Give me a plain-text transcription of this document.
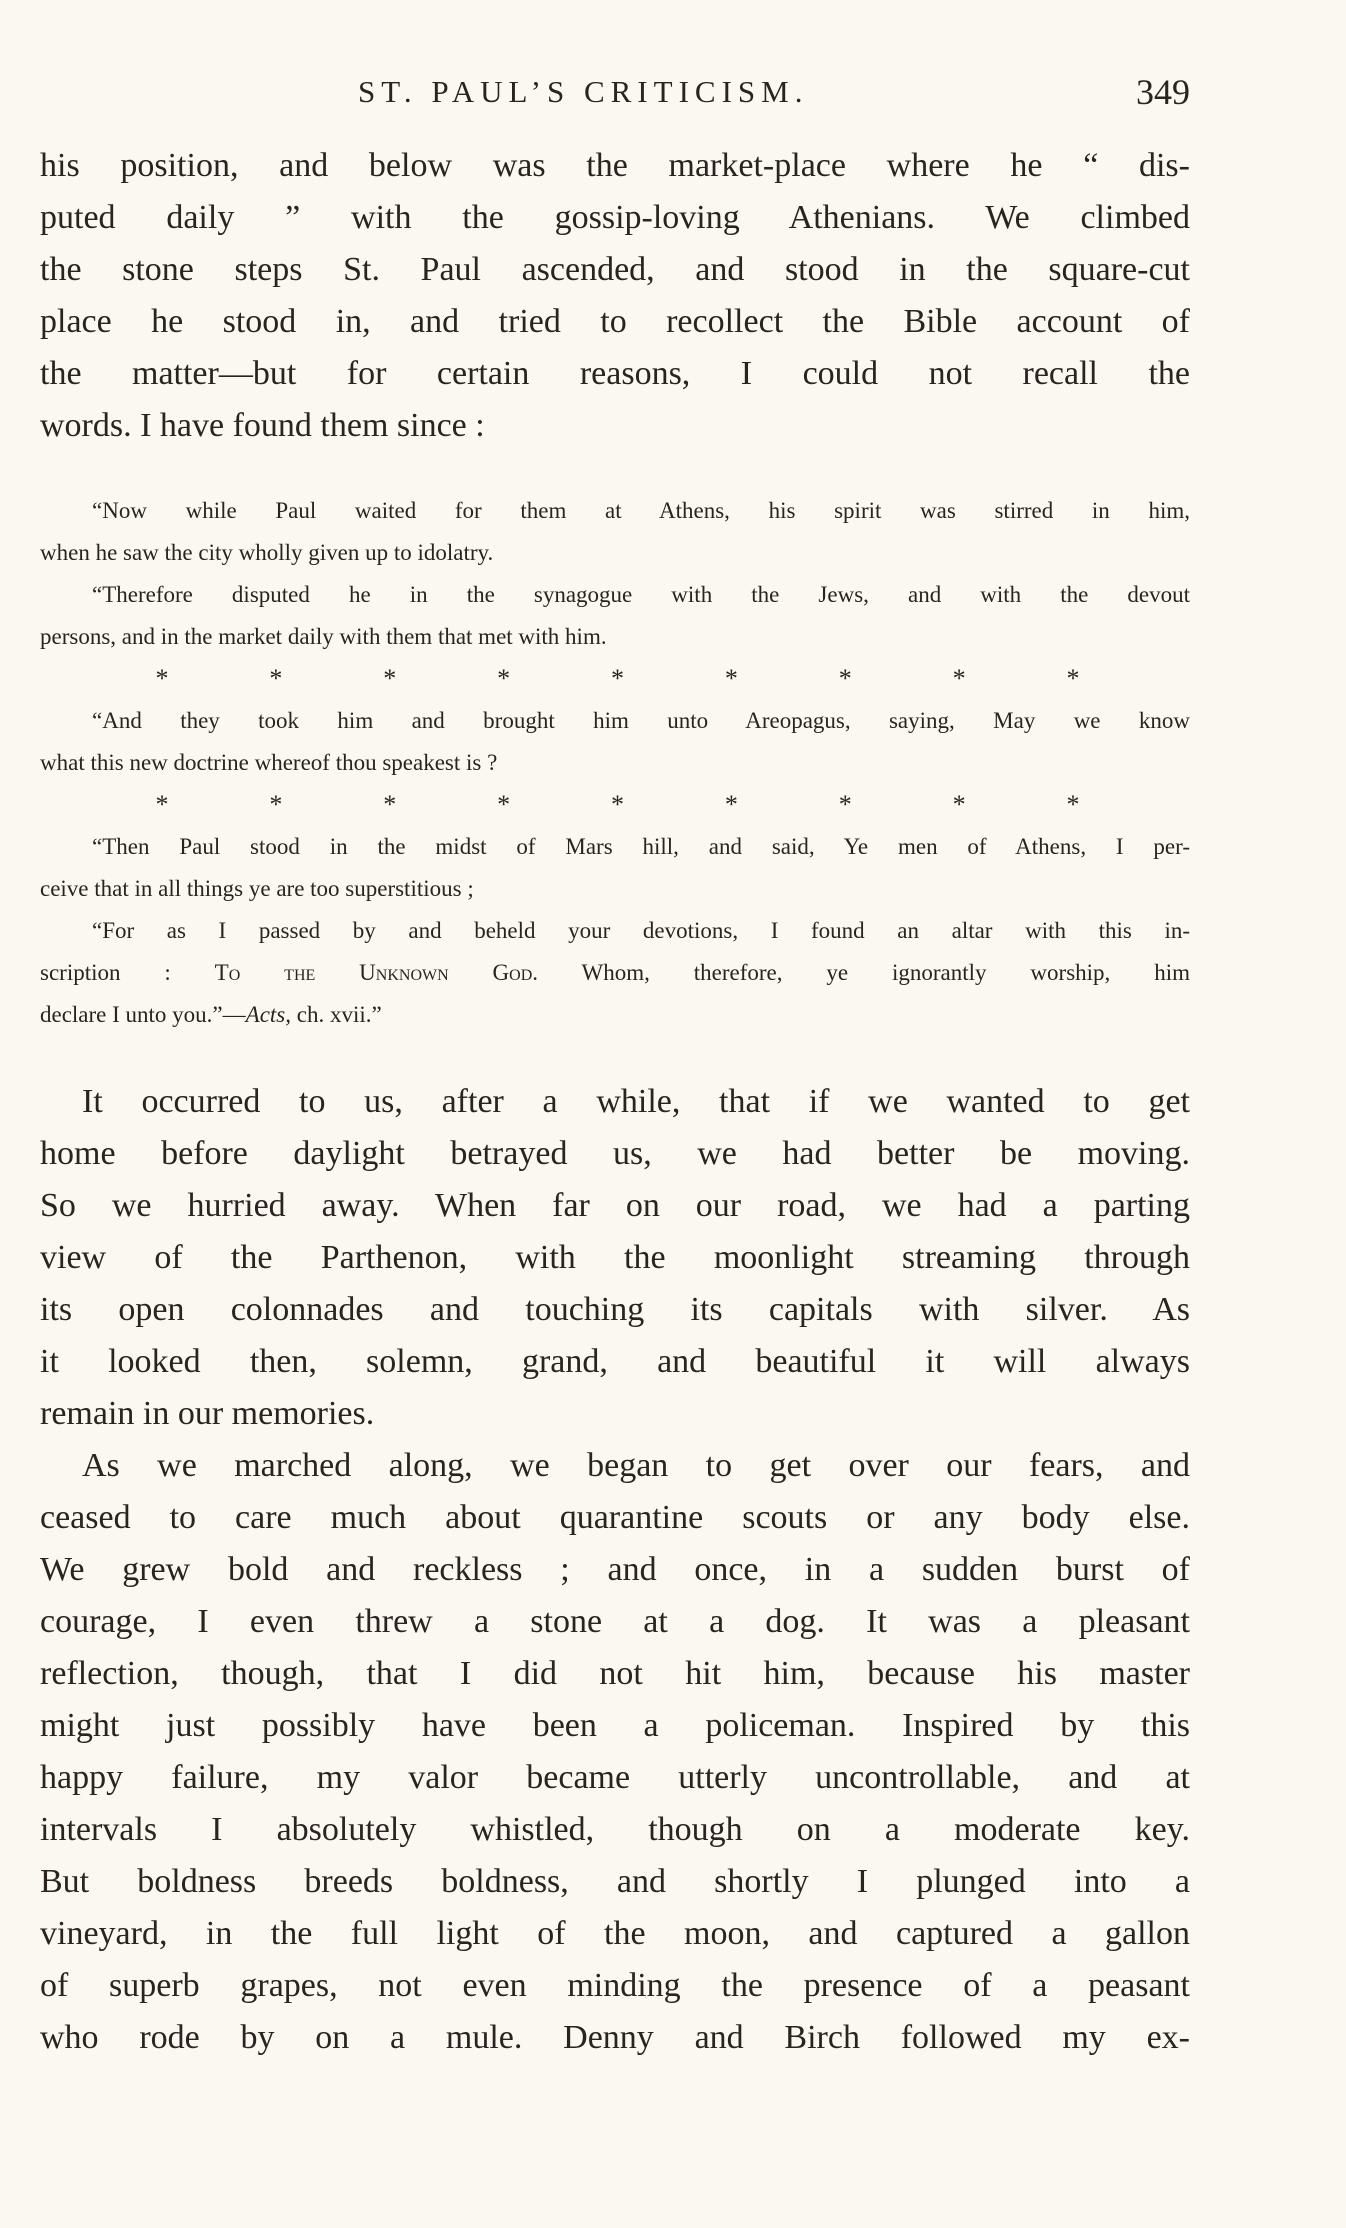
ST. PAUL’S CRITICISM.	349
his position, and below was the market-place where he “ dis-
puted daily ” with the gossip-loving Athenians. We climbed
the stone steps St. Paul ascended, and stood in the square-cut
place he stood in, and tried to recollect the Bible account of
the matter—but for certain reasons, I could not recall the
words. I have found them since :
“Now while Paul waited for them at Athens, his spirit was stirred in him,
when he saw the city wholly given up to idolatry.
“Therefore disputed he in the synagogue with the Jews, and with the devout
persons, and in the market daily with them that met with him.
*	*	*	*	*	*	*	*	*
“And they took him and brought him unto Areopagus, saying, May we know
what this new doctrine whereof thou speakest is ?
*	*	*	*	*	*	*	*	*
“Then Paul stood in the midst of Mars hill, and said, Ye men of Athens, I per-
ceive that in all things ye are too superstitious ;
“For as I passed by and beheld your devotions, I found an altar with this in-
scription : To the Unknown God. Whom, therefore, ye ignorantly worship, him
declare I unto you.”—Acts, ch. xvii.”
It occurred to us, after a while, that if we wanted to get
home before daylight betrayed us, we had better be moving.
So we hurried away. When far on our road, we had a parting
view of the Parthenon, with the moonlight streaming through
its open colonnades and touching its capitals with silver. As
it looked then, solemn, grand, and beautiful it will always
remain in our memories.
As we marched along, we began to get over our fears, and
ceased to care much about quarantine scouts or any body else.
We grew bold and reckless ; and once, in a sudden burst of
courage, I even threw a stone at a dog. It was a pleasant
reflection, though, that I did not hit him, because his master
might just possibly have been a policeman. Inspired by this
happy failure, my valor became utterly uncontrollable, and at
intervals I absolutely whistled, though on a moderate key.
But boldness breeds boldness, and shortly I plunged into a
vineyard, in the full light of the moon, and captured a gallon
of superb grapes, not even minding the presence of a peasant
who rode by on a mule. Denny and Birch followed my ex-
